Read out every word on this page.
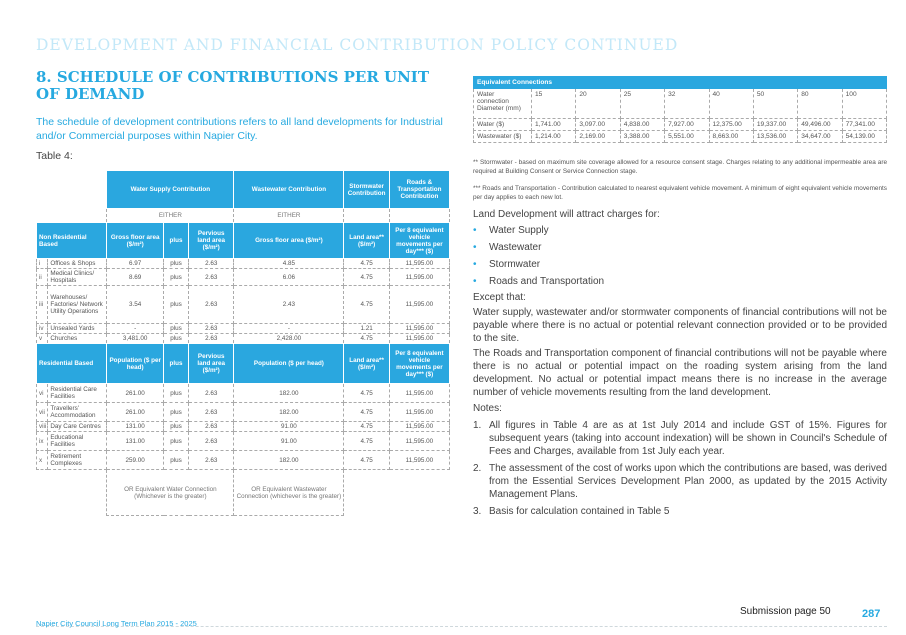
DEVELOPMENT AND FINANCIAL CONTRIBUTION POLICY CONTINUED
8. SCHEDULE OF CONTRIBUTIONS PER UNIT OF DEMAND
The schedule of development contributions refers to all land developments for Industrial and/or Commercial purposes within Napier City.
Table 4:
		Water Supply Contribution			Wastewater Contribution	Stormwater Contribution	Roads & Transportation Contribution
		EITHER			EITHER		
Non Residential Based		Gross floor area ($/m²)	plus	Pervious land area ($/m²)	Gross floor area ($/m²)	Land area** ($/m²)	Per 8 equivalent vehicle movements per day*** ($)
i	Offices & Shops	6.97	plus	2.63	4.85	4.75	11,595.00
ii	Medical Clinics/ Hospitals	8.69	plus	2.63	6.06	4.75	11,595.00
iii	Warehouses/ Factories/ Network Utility Operations	3.54	plus	2.63	2.43	4.75	11,595.00
iv	Unsealed Yards	-	plus	2.63	-	1.21	11,595.00
v	Churches	3,481.00	plus	2.63	2,428.00	4.75	11,595.00
Residential Based		Population ($ per head)	plus	Pervious land area ($/m²)	Population ($ per head)	Land area** ($/m²)	Per 8 equivalent vehicle movements per day*** ($)
vi	Residential Care Facilities	261.00	plus	2.63	182.00	4.75	11,595.00
vii	Travellers' Accommodation	261.00	plus	2.63	182.00	4.75	11,595.00
viii	Day Care Centres	131.00	plus	2.63	91.00	4.75	11,595.00
ix	Educational Facilities	131.00	plus	2.63	91.00	4.75	11,595.00
x	Retirement Complexes	259.00	plus	2.63	182.00	4.75	11,595.00
		OR Equivalent Water Connection (Whichever is the greater)			OR Equivalent Wastewater Connection (whichever is the greater)		
Equivalent Connections								
Water connection Diameter (mm)	15	20	25	32	40	50	80	100
Water ($)	1,741.00	3,097.00	4,838.00	7,927.00	12,375.00	19,337.00	49,496.00	77,341.00
Wastewater ($)	1,214.00	2,169.00	3,388.00	5,551.00	8,663.00	13,536.00	34,647.00	54,139.00
** Stormwater - based on maximum site coverage allowed for a resource consent stage. Charges relating to any additional impermeable area are required at Building Consent or Service Connection stage.
*** Roads and Transportation - Contribution calculated to nearest equivalent vehicle movement. A minimum of eight equivalent vehicle movements per day applies to each new lot.
Land Development will attract charges for:
• Water Supply
• Wastewater
• Stormwater
• Roads and Transportation
Except that:
Water supply, wastewater and/or stormwater components of financial contributions will not be payable where there is no actual or potential relevant connection provided or to be provided to the site.
The Roads and Transportation component of financial contributions will not be payable where there is no actual or potential impact on the roading system arising from the land development. No actual or potential impact means there is no increase in the average number of vehicle movements resulting from the land development.
Notes:
1. All figures in Table 4 are as at 1st July 2014 and include GST of 15%. Figures for subsequent years (taking into account indexation) will be shown in Council's Schedule of Fees and Charges, available from 1st July each year.
2. The assessment of the cost of works upon which the contributions are based, was derived from the Essential Services Development Plan 2000, as updated by the 2015 Activity Management Plans.
3. Basis for calculation contained in Table 5
Submission page 50	287
Napier City Council Long Term Plan 2015 - 2025
